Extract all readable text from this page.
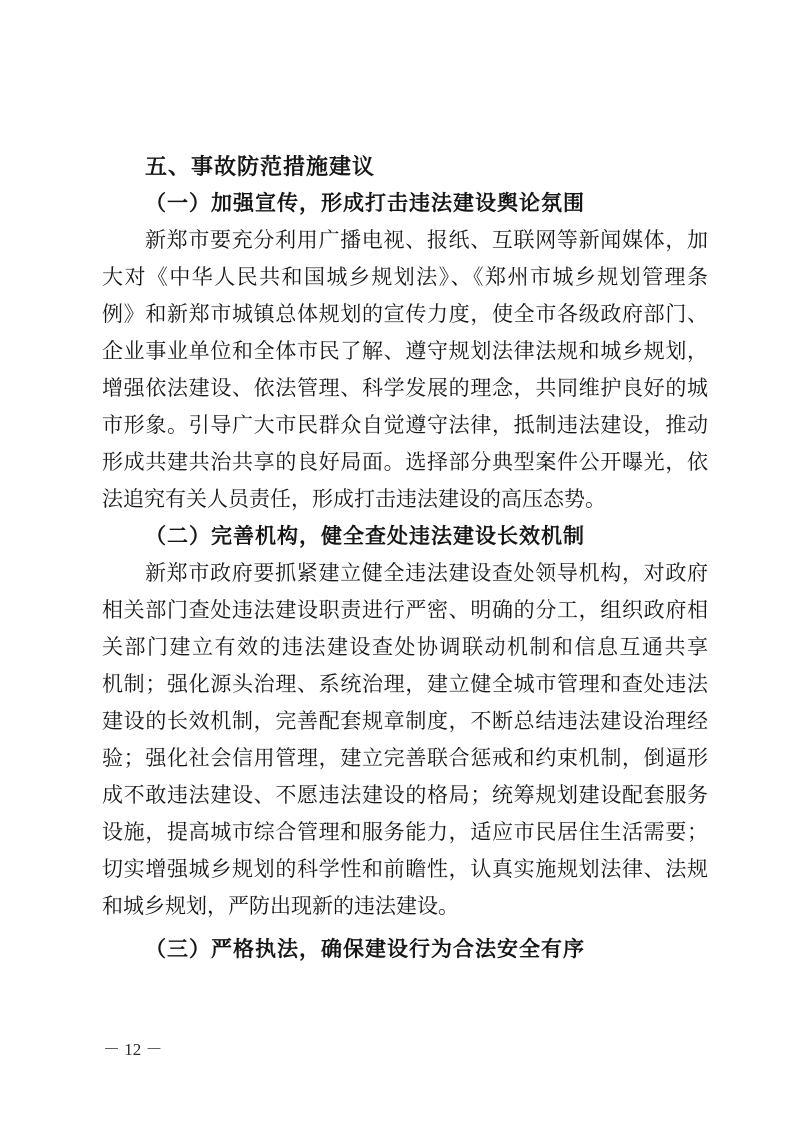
五、事故防范措施建议

（一）加强宣传，形成打击违法建设舆论氛围

新郑市要充分利用广播电视、报纸、互联网等新闻媒体，加

大对《中华人民共和国城乡规划法》、《郑州市城乡规划管理条

例》和新郑市城镇总体规划的宣传力度，使全市各级政府部门、

企业事业单位和全体市民了解、遵守规划法律法规和城乡规划，

增强依法建设、依法管理、科学发展的理念，共同维护良好的城

市形象。引导广大市民群众自觉遵守法律，抵制违法建设，推动

形成共建共治共享的良好局面。选择部分典型案件公开曝光，依

法追究有关人员责任，形成打击违法建设的高压态势。

（二）完善机构，健全查处违法建设长效机制

新郑市政府要抓紧建立健全违法建设查处领导机构，对政府

相关部门查处违法建设职责进行严密、明确的分工，组织政府相

关部门建立有效的违法建设查处协调联动机制和信息互通共享

机制；强化源头治理、系统治理，建立健全城市管理和查处违法

建设的长效机制，完善配套规章制度，不断总结违法建设治理经

验；强化社会信用管理，建立完善联合惩戒和约束机制，倒逼形

成不敢违法建设、不愿违法建设的格局；统筹规划建设配套服务

设施，提高城市综合管理和服务能力，适应市民居住生活需要；

切实增强城乡规划的科学性和前瞻性，认真实施规划法律、法规

和城乡规划，严防出现新的违法建设。

（三）严格执法，确保建设行为合法安全有序

－ 12 －
